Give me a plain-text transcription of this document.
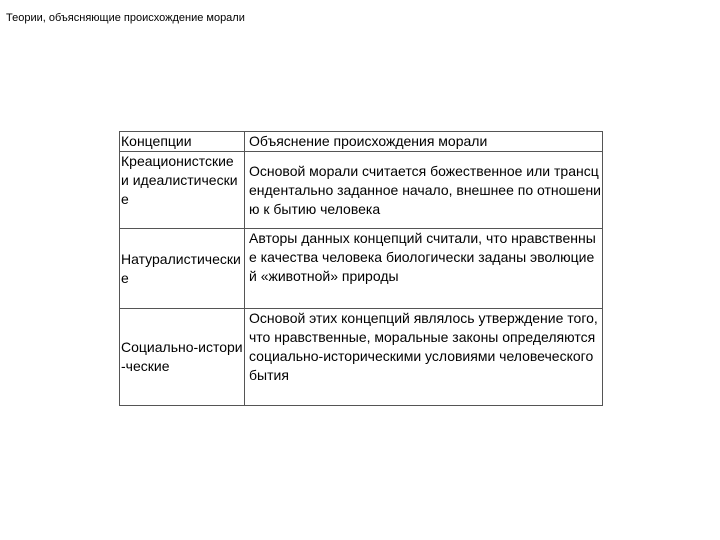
Теории, объясняющие происхождение морали
Концепции	Объяснение происхождения морали

Креационистские и идеалистические	Основой морали считается божественное или трансцендентально заданное начало, внешнее по отношению к бытию человека

Натуралистические	Авторы данных концепций считали, что нравственные качества человека биологически заданы эволюцией «животной» природы

Социально-истори-ческие	Основой этих концепций являлось утверждение того, что нравственные, моральные законы определяются социально-историческими условиями человеческого бытия
